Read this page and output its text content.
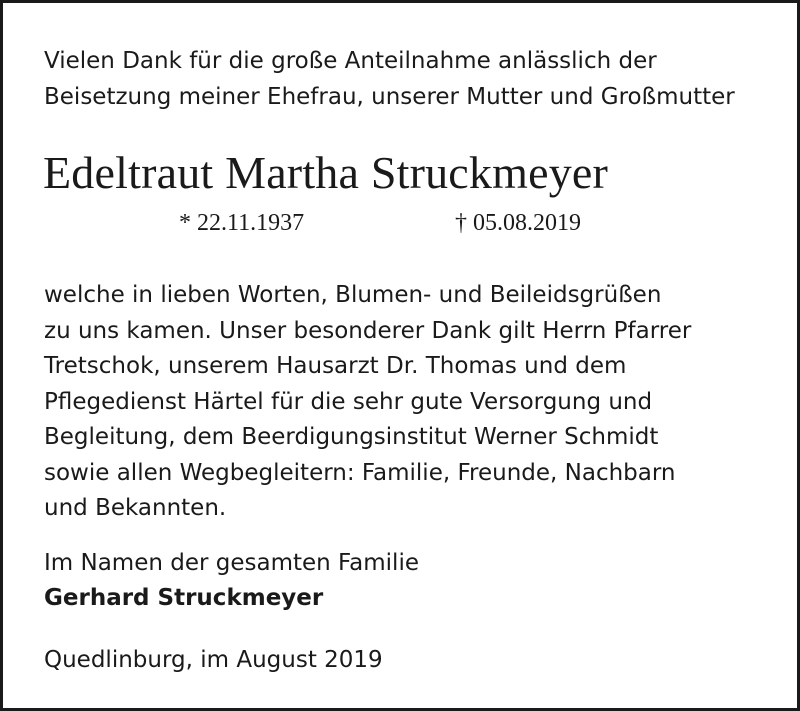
Vielen Dank für die große Anteilnahme anlässlich der
Beisetzung meiner Ehefrau, unserer Mutter und Großmutter
Edeltraut Martha Struckmeyer
* 22.11.1937	† 05.08.2019
welche in lieben Worten, Blumen- und Beileidsgrüßen
zu uns kamen. Unser besonderer Dank gilt Herrn Pfarrer
Tretschok, unserem Hausarzt Dr. Thomas und dem
Pflegedienst Härtel für die sehr gute Versorgung und
Begleitung, dem Beerdigungsinstitut Werner Schmidt
sowie allen Wegbegleitern: Familie, Freunde, Nachbarn
und Bekannten.
Im Namen der gesamten Familie
Gerhard Struckmeyer
Quedlinburg, im August 2019
